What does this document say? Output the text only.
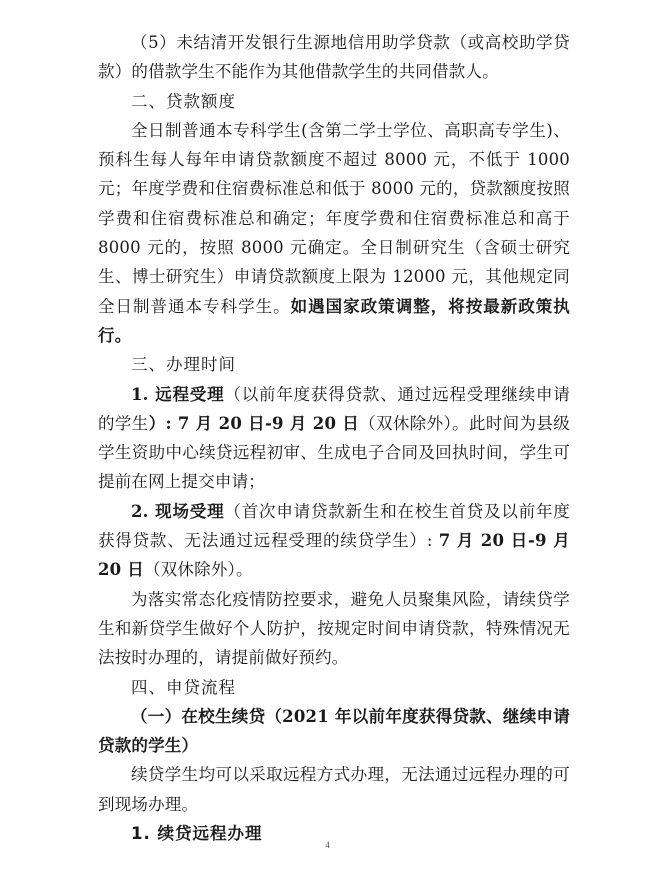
（5）未结清开发银行生源地信用助学贷款（或高校助学贷款）的借款学生不能作为其他借款学生的共同借款人。

二、贷款额度

全日制普通本专科学生(含第二学士学位、高职高专学生)、预科生每人每年申请贷款额度不超过 8000 元，不低于 1000 元；年度学费和住宿费标准总和低于 8000 元的，贷款额度按照学费和住宿费标准总和确定；年度学费和住宿费标准总和高于 8000 元的，按照 8000 元确定。全日制研究生（含硕士研究生、博士研究生）申请贷款额度上限为 12000 元，其他规定同全日制普通本专科学生。如遇国家政策调整，将按最新政策执行。

三、办理时间

1. 远程受理（以前年度获得贷款、通过远程受理继续申请的学生）: 7 月 20 日-9 月 20 日（双休除外）。此时间为县级学生资助中心续贷远程初审、生成电子合同及回执时间，学生可提前在网上提交申请；

2. 现场受理（首次申请贷款新生和在校生首贷及以前年度获得贷款、无法通过远程受理的续贷学生）: 7 月 20 日-9 月 20 日（双休除外）。

为落实常态化疫情防控要求，避免人员聚集风险，请续贷学生和新贷学生做好个人防护，按规定时间申请贷款，特殊情况无法按时办理的，请提前做好预约。

四、申贷流程

（一）在校生续贷（2021 年以前年度获得贷款、继续申请贷款的学生）

续贷学生均可以采取远程方式办理，无法通过远程办理的可到现场办理。

1. 续贷远程办理

4
